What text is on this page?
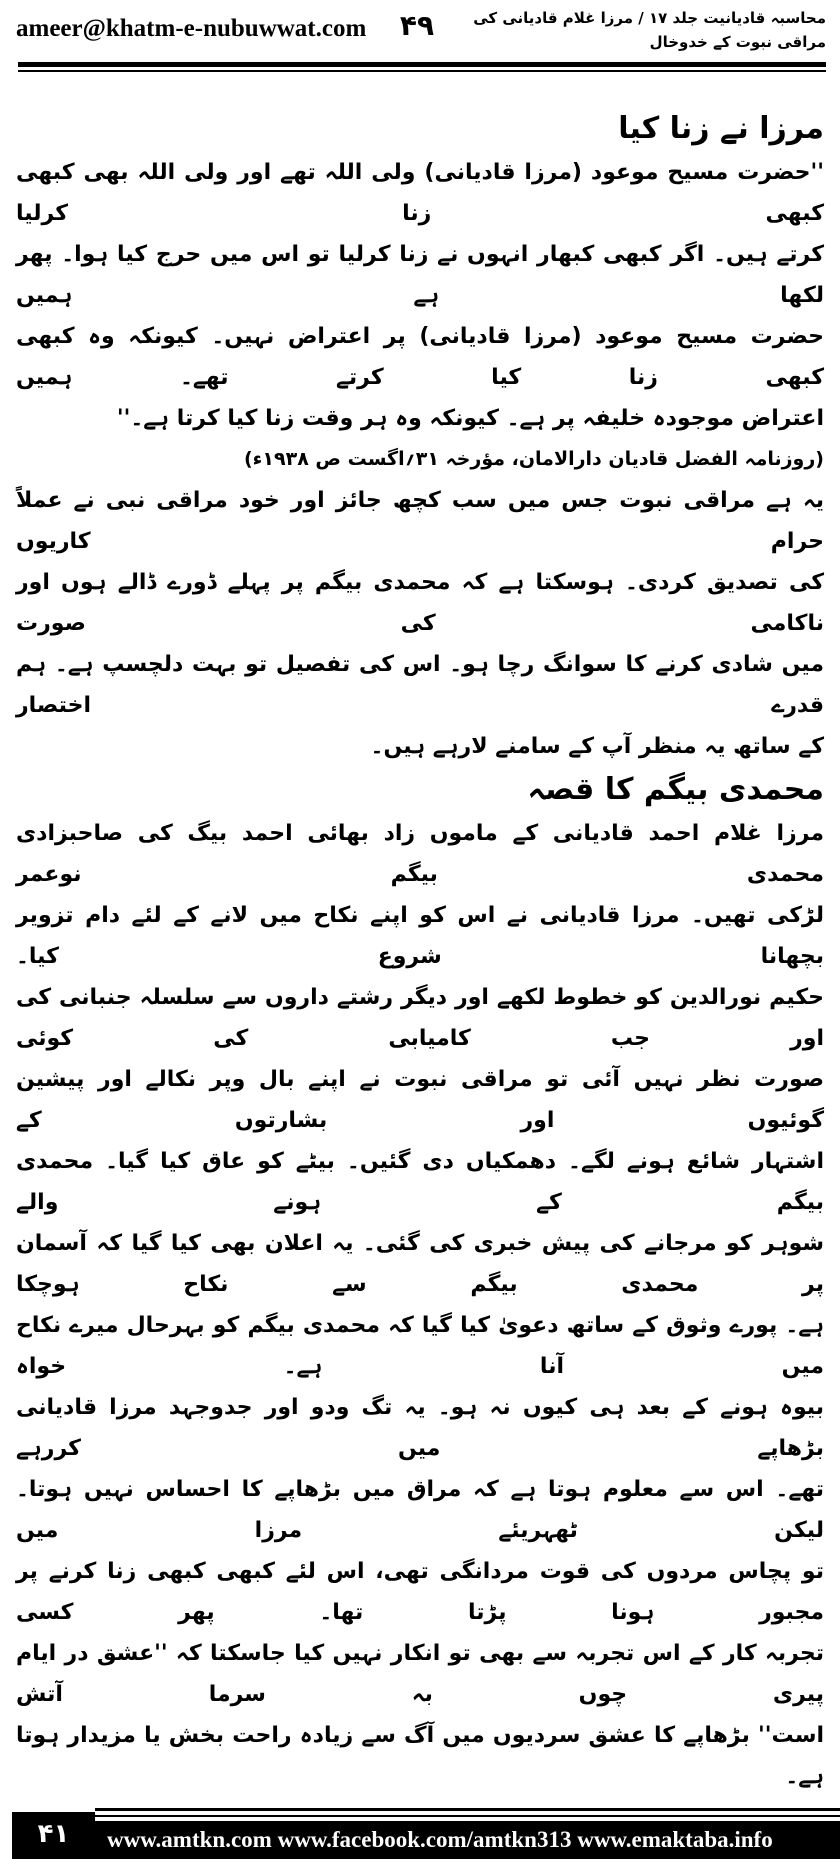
ameer@khatm-e-nubuwwat.com ۴۹	محاسبہ قادیانیت جلد ۱۷ / مرزا غلام قادیانی کی مراقی نبوت کے خدوخال
مرزا نے زنا کیا
''حضرت مسیح موعود (مرزا قادیانی) ولی اللہ تھے اور ولی اللہ بھی کبھی کبھی زنا کرلیا
کرتے ہیں۔ اگر کبھی کبھار انہوں نے زنا کرلیا تو اس میں حرج کیا ہوا۔ پھر لکھا ہے ہمیں
حضرت مسیح موعود (مرزا قادیانی) پر اعتراض نہیں۔ کیونکہ وہ کبھی کبھی زنا کیا کرتے تھے۔ ہمیں
اعتراض موجودہ خلیفہ پر ہے۔ کیونکہ وہ ہر وقت زنا کیا کرتا ہے۔''
(روزنامہ الفضل قادیان دارالامان، مؤرخہ ۳۱؍اگست ص ۱۹۳۸ء)
یہ ہے مراقی نبوت جس میں سب کچھ جائز اور خود مراقی نبی نے عملاً حرام کاریوں
کی تصدیق کردی۔ ہوسکتا ہے کہ محمدی بیگم پر پہلے ڈورے ڈالے ہوں اور ناکامی کی صورت
میں شادی کرنے کا سوانگ رچا ہو۔ اس کی تفصیل تو بہت دلچسپ ہے۔ ہم قدرے اختصار
کے ساتھ یہ منظر آپ کے سامنے لارہے ہیں۔
محمدی بیگم کا قصہ
مرزا غلام احمد قادیانی کے ماموں زاد بھائی احمد بیگ کی صاحبزادی محمدی بیگم نوعمر
لڑکی تھیں۔ مرزا قادیانی نے اس کو اپنے نکاح میں لانے کے لئے دام تزویر بچھانا شروع کیا۔
حکیم نورالدین کو خطوط لکھے اور دیگر رشتے داروں سے سلسلہ جنبانی کی اور جب کامیابی کی کوئی
صورت نظر نہیں آئی تو مراقی نبوت نے اپنے بال وپر نکالے اور پیشین گوئیوں اور بشارتوں کے
اشتہار شائع ہونے لگے۔ دھمکیاں دی گئیں۔ بیٹے کو عاق کیا گیا۔ محمدی بیگم کے ہونے والے
شوہر کو مرجانے کی پیش خبری کی گئی۔ یہ اعلان بھی کیا گیا کہ آسمان پر محمدی بیگم سے نکاح ہوچکا
ہے۔ پورے وثوق کے ساتھ دعویٰ کیا گیا کہ محمدی بیگم کو بہرحال میرے نکاح میں آنا ہے۔ خواہ
بیوہ ہونے کے بعد ہی کیوں نہ ہو۔ یہ تگ ودو اور جدوجہد مرزا قادیانی بڑھاپے میں کررہے
تھے۔ اس سے معلوم ہوتا ہے کہ مراق میں بڑھاپے کا احساس نہیں ہوتا۔ لیکن ٹھہریئے مرزا میں
تو پچاس مردوں کی قوت مردانگی تھی، اس لئے کبھی کبھی زنا کرنے پر مجبور ہونا پڑتا تھا۔ پھر کسی
تجربہ کار کے اس تجربہ سے بھی تو انکار نہیں کیا جاسکتا کہ ''عشق در ایام پیری چوں بہ سرما آتش
است'' بڑھاپے کا عشق سردیوں میں آگ سے زیادہ راحت بخش یا مزیدار ہوتا ہے۔
۴۱	www.amtkn.com www.facebook.com/amtkn313 www.emaktaba.info
